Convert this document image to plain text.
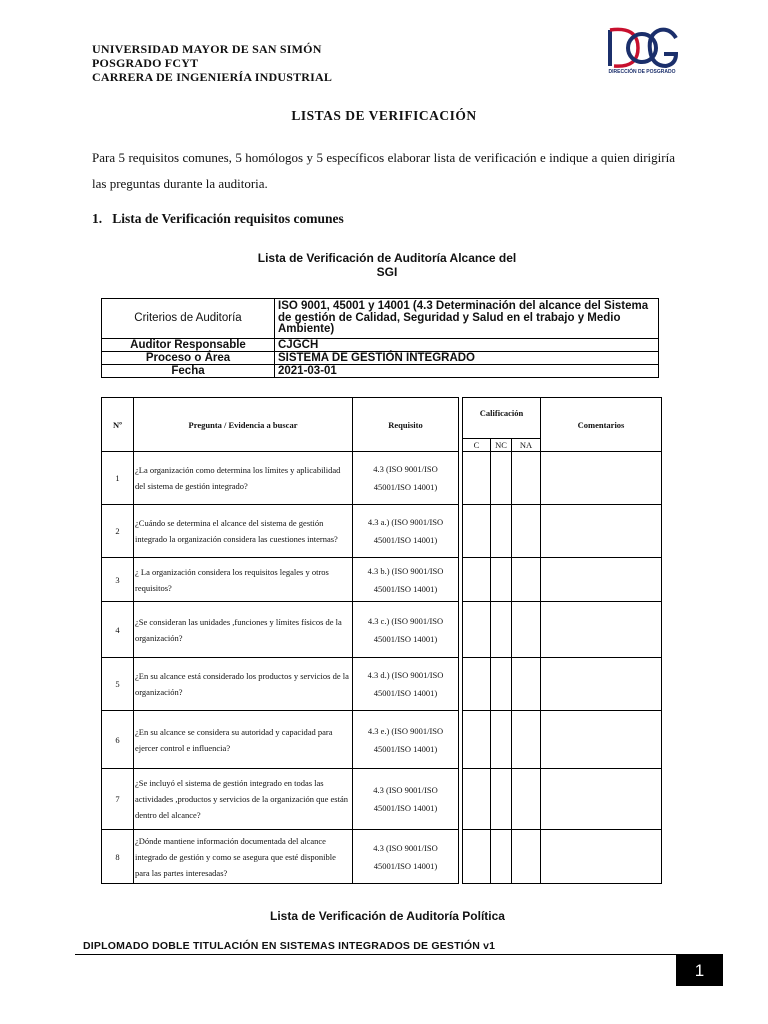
UNIVERSIDAD MAYOR DE SAN SIMÓN
POSGRADO FCYT
CARRERA DE INGENIERÍA INDUSTRIAL	DIRECCIÓN DE POSGRADO
LISTAS DE VERIFICACIÓN
Para 5 requisitos comunes, 5 homólogos y 5 específicos elaborar lista de verificación e indique a quien dirigiría las preguntas durante la auditoria.
1. Lista de Verificación requisitos comunes
Lista de Verificación de Auditoría Alcance del SGI
Criterios de Auditoría	ISO 9001, 45001 y 14001 (4.3 Determinación del alcance del Sistema de gestión de Calidad, Seguridad y Salud en el trabajo y Medio Ambiente)
Auditor Responsable	CJGCH
Proceso o Área	SISTEMA DE GESTIÓN INTEGRADO
Fecha	2021-03-01
Nº	Pregunta / Evidencia a buscar	Requisito		Calificación			Comentarios
				C	NC	NA	
1	¿La organización como determina los límites y aplicabilidad del sistema de gestión integrado?	4.3 (ISO 9001/ISO 45001/ISO 14001)					
2	¿Cuándo se determina el alcance del sistema de gestión integrado la organización considera las cuestiones internas?	4.3 a.) (ISO 9001/ISO 45001/ISO 14001)					
3	¿ La organización considera los requisitos legales y otros requisitos?	4.3 b.) (ISO 9001/ISO 45001/ISO 14001)					
4	¿Se consideran las unidades ,funciones y límites físicos de la organización?	4.3 c.) (ISO 9001/ISO 45001/ISO 14001)					
5	¿En su alcance está considerado los productos y servicios de la organización?	4.3 d.) (ISO 9001/ISO 45001/ISO 14001)					
6	¿En su alcance se considera su autoridad y capacidad para ejercer control e influencia?	4.3 e.) (ISO 9001/ISO 45001/ISO 14001)					
7	¿Se incluyó el sistema de gestión integrado en todas las actividades ,productos y servicios de la organización que están dentro del alcance?	4.3 (ISO 9001/ISO 45001/ISO 14001)					
8	¿Dónde mantiene información documentada del alcance integrado de gestión y como se asegura que esté disponible para las partes interesadas?	4.3 (ISO 9001/ISO 45001/ISO 14001)					
Lista de Verificación de Auditoría Política
DIPLOMADO DOBLE TITULACIÓN EN SISTEMAS INTEGRADOS DE GESTIÓN v1
1
